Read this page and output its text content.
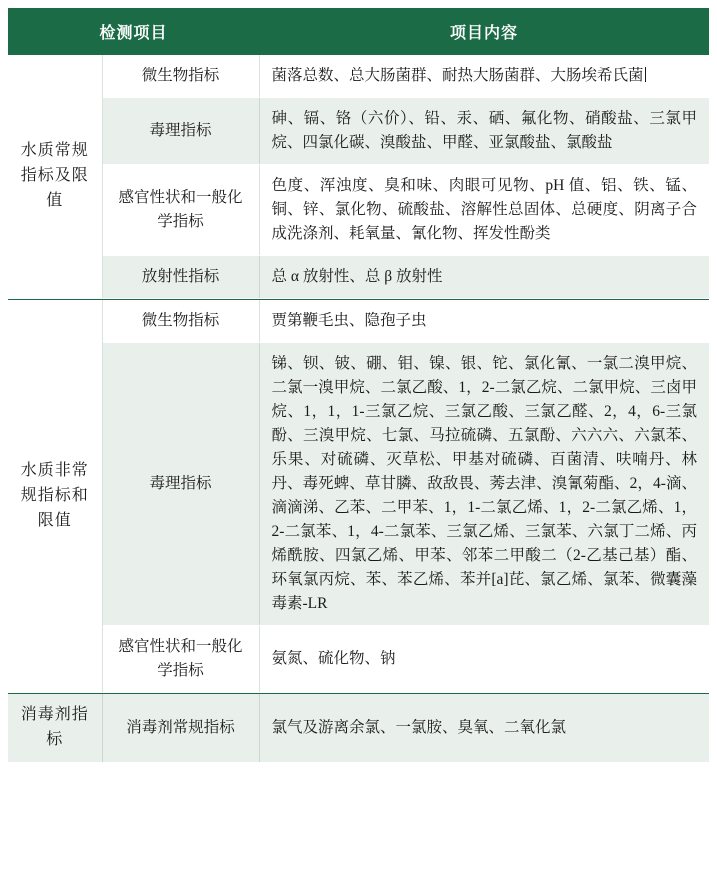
检测项目		项目内容
水质常规指标及限值	微生物指标	菌落总数、总大肠菌群、耐热大肠菌群、大肠埃希氏菌
	毒理指标	砷、镉、铬（六价）、铅、汞、硒、氟化物、硝酸盐、三氯甲烷、四氯化碳、溴酸盐、甲醛、亚氯酸盐、氯酸盐
	感官性状和一般化学指标	色度、浑浊度、臭和味、肉眼可见物、pH 值、铝、铁、锰、铜、锌、氯化物、硫酸盐、溶解性总固体、总硬度、阴离子合成洗涤剂、耗氧量、氰化物、挥发性酚类
	放射性指标	总 α 放射性、总 β 放射性

水质非常规指标和限值	微生物指标	贾第鞭毛虫、隐孢子虫
	毒理指标	锑、钡、铍、硼、钼、镍、银、铊、氯化氰、一氯二溴甲烷、二氯一溴甲烷、二氯乙酸、1，2-二氯乙烷、二氯甲烷、三卤甲烷、1，1，1-三氯乙烷、三氯乙酸、三氯乙醛、2，4，6-三氯酚、三溴甲烷、七氯、马拉硫磷、五氯酚、六六六、六氯苯、乐果、对硫磷、灭草松、甲基对硫磷、百菌清、呋喃丹、林丹、毒死蜱、草甘膦、敌敌畏、莠去津、溴氰菊酯、2，4-滴、滴滴涕、乙苯、二甲苯、1，1-二氯乙烯、1，2-二氯乙烯、1，2-二氯苯、1，4-二氯苯、三氯乙烯、三氯苯、六氯丁二烯、丙烯酰胺、四氯乙烯、甲苯、邻苯二甲酸二（2-乙基己基）酯、环氧氯丙烷、苯、苯乙烯、苯并[a]芘、氯乙烯、氯苯、微囊藻毒素-LR
	感官性状和一般化学指标	氨氮、硫化物、钠

消毒剂指标	消毒剂常规指标	氯气及游离余氯、一氯胺、臭氧、二氧化氯
